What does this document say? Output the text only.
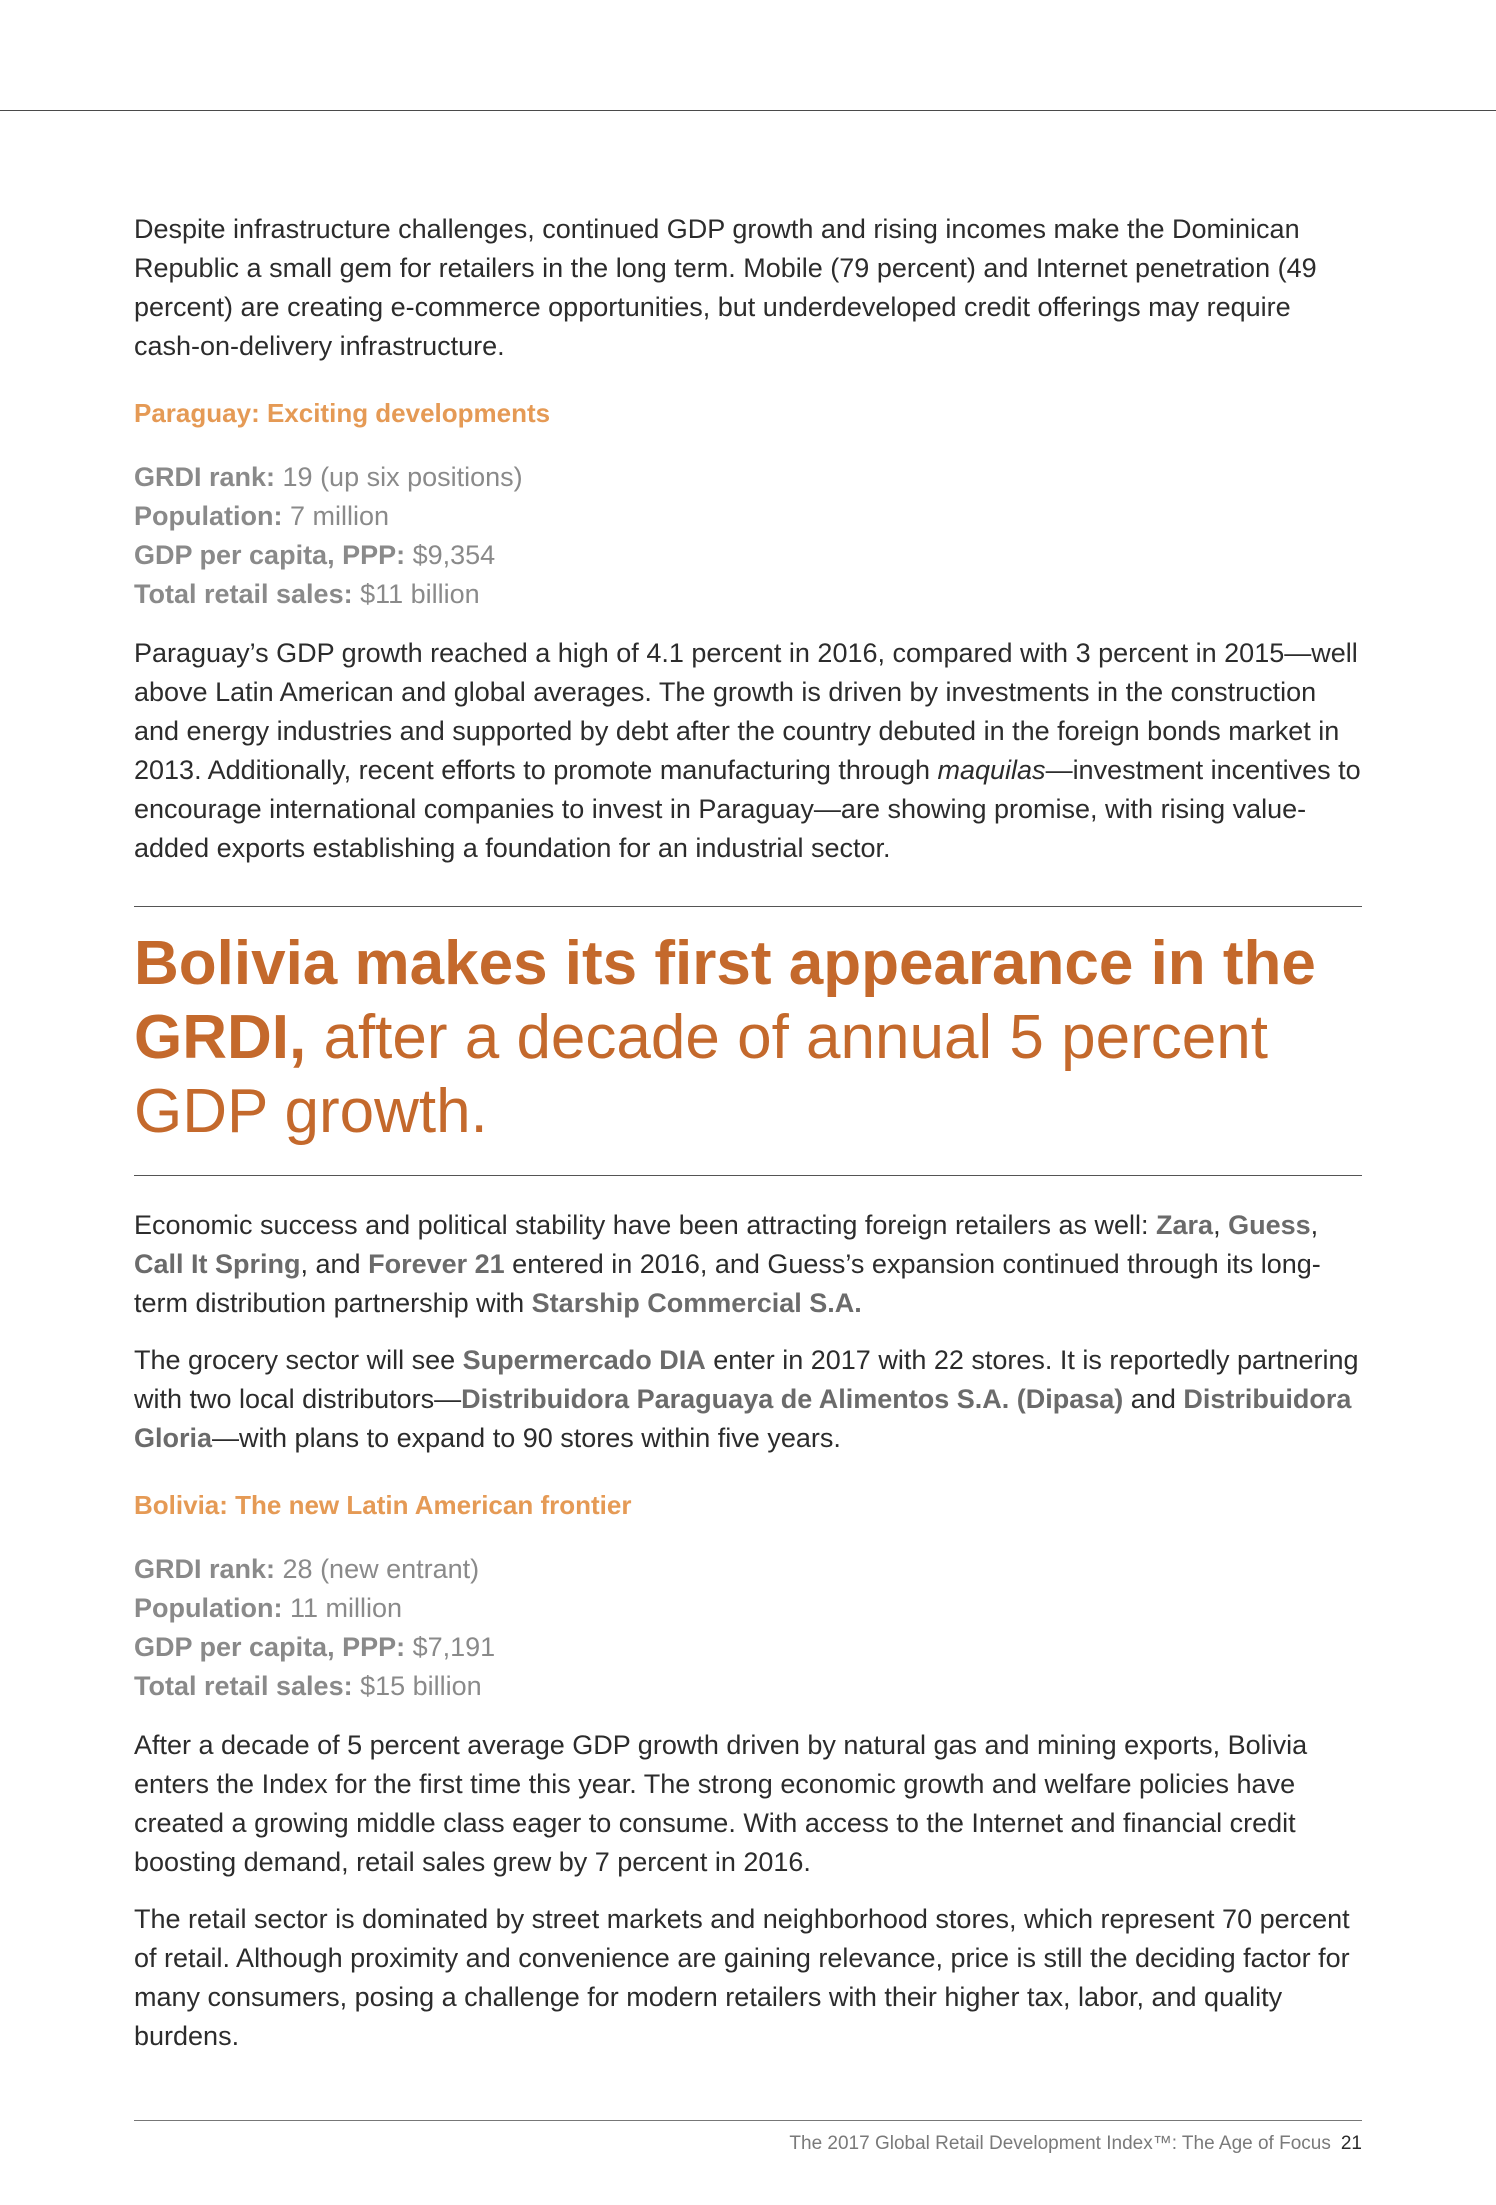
Despite infrastructure challenges, continued GDP growth and rising incomes make the Dominican Republic a small gem for retailers in the long term. Mobile (79 percent) and Internet penetration (49 percent) are creating e-commerce opportunities, but underdeveloped credit offerings may require cash-on-delivery infrastructure.

Paraguay: Exciting developments
GRDI rank: 19 (up six positions)
Population: 7 million
GDP per capita, PPP: $9,354
Total retail sales: $11 billion

Paraguay’s GDP growth reached a high of 4.1 percent in 2016, compared with 3 percent in 2015—well above Latin American and global averages. The growth is driven by investments in the construction and energy industries and supported by debt after the country debuted in the foreign bonds market in 2013. Additionally, recent efforts to promote manufacturing through maquilas—investment incentives to encourage international companies to invest in Paraguay—are showing promise, with rising value-added exports establishing a foundation for an industrial sector.

Bolivia makes its first appearance in the GRDI, after a decade of annual 5 percent GDP growth.

Economic success and political stability have been attracting foreign retailers as well: Zara, Guess, Call It Spring, and Forever 21 entered in 2016, and Guess’s expansion continued through its long-term distribution partnership with Starship Commercial S.A.

The grocery sector will see Supermercado DIA enter in 2017 with 22 stores. It is reportedly partnering with two local distributors—Distribuidora Paraguaya de Alimentos S.A. (Dipasa) and Distribuidora Gloria—with plans to expand to 90 stores within five years.

Bolivia: The new Latin American frontier
GRDI rank: 28 (new entrant)
Population: 11 million
GDP per capita, PPP: $7,191
Total retail sales: $15 billion

After a decade of 5 percent average GDP growth driven by natural gas and mining exports, Bolivia enters the Index for the first time this year. The strong economic growth and welfare policies have created a growing middle class eager to consume. With access to the Internet and financial credit boosting demand, retail sales grew by 7 percent in 2016.

The retail sector is dominated by street markets and neighborhood stores, which represent 70 percent of retail. Although proximity and convenience are gaining relevance, price is still the deciding factor for many consumers, posing a challenge for modern retailers with their higher tax, labor, and quality burdens.

The 2017 Global Retail Development Index™: The Age of Focus 21
